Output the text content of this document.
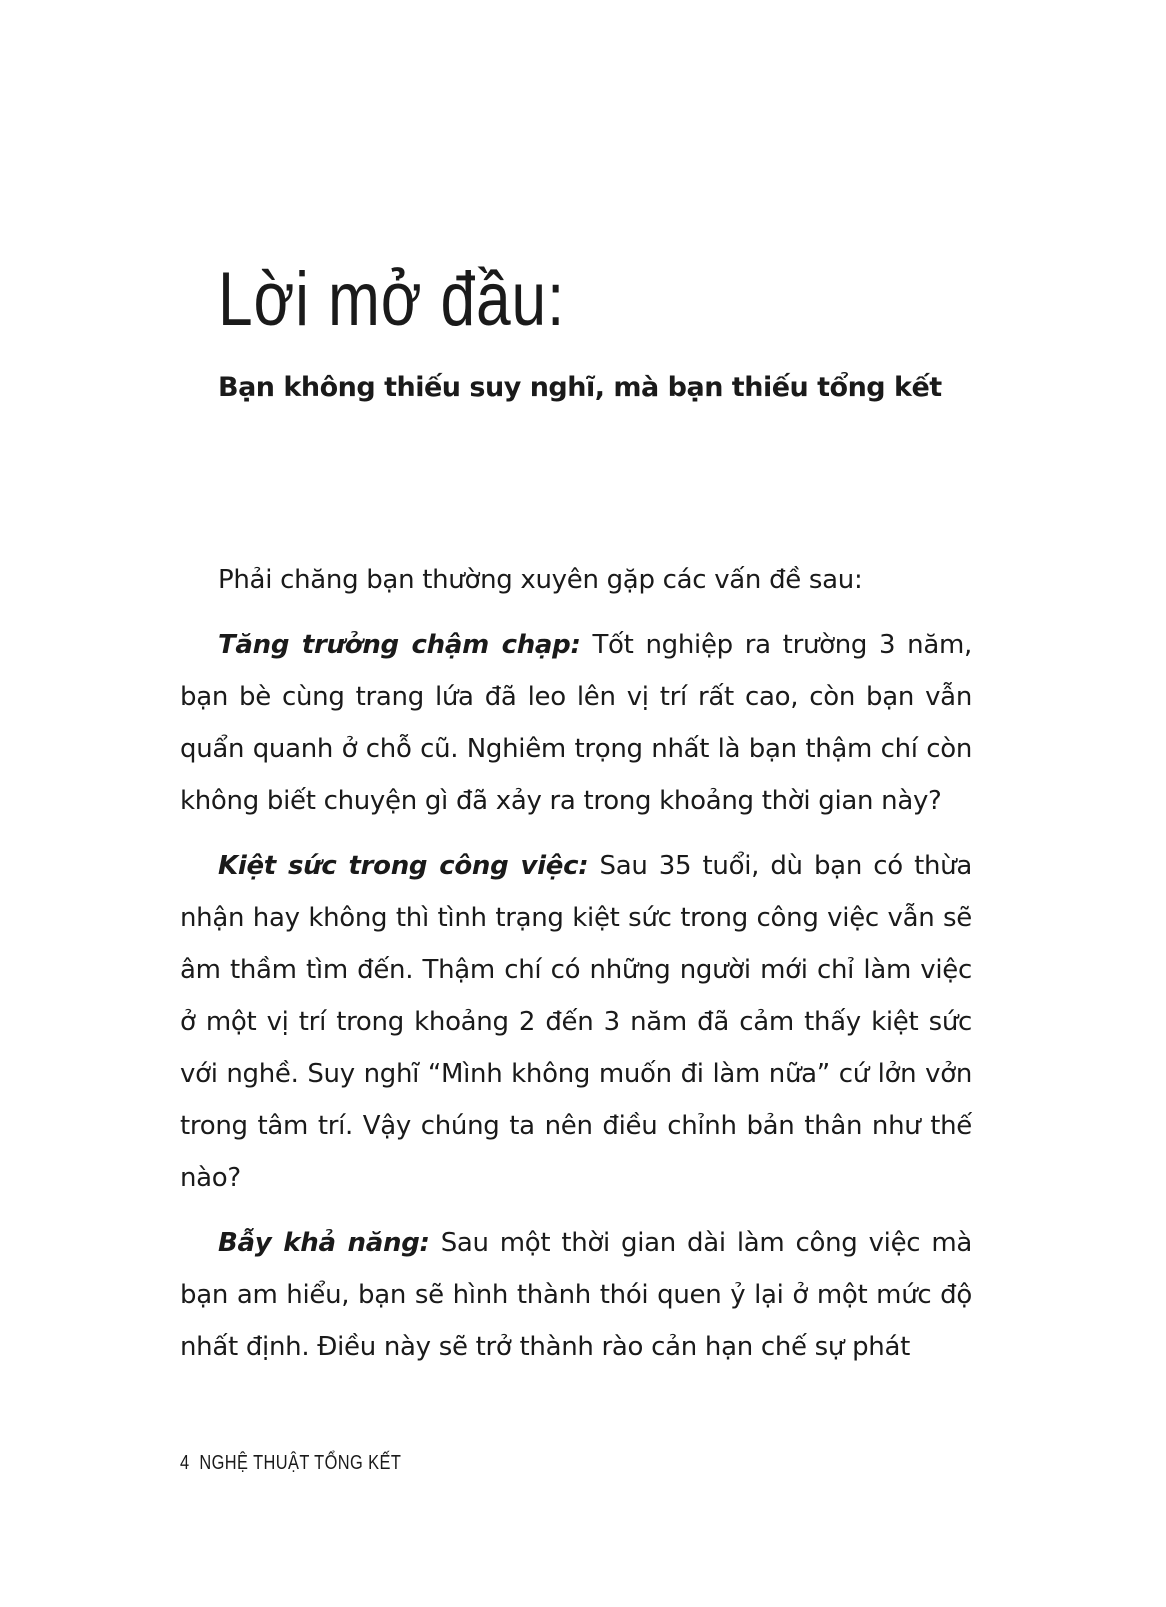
Lời mở đầu:
Bạn không thiếu suy nghĩ, mà bạn thiếu tổng kết

Phải chăng bạn thường xuyên gặp các vấn đề sau:

Tăng trưởng chậm chạp: Tốt nghiệp ra trường 3 năm, bạn bè cùng trang lứa đã leo lên vị trí rất cao, còn bạn vẫn quẩn quanh ở chỗ cũ. Nghiêm trọng nhất là bạn thậm chí còn không biết chuyện gì đã xảy ra trong khoảng thời gian này?

Kiệt sức trong công việc: Sau 35 tuổi, dù bạn có thừa nhận hay không thì tình trạng kiệt sức trong công việc vẫn sẽ âm thầm tìm đến. Thậm chí có những người mới chỉ làm việc ở một vị trí trong khoảng 2 đến 3 năm đã cảm thấy kiệt sức với nghề. Suy nghĩ “Mình không muốn đi làm nữa” cứ lởn vởn trong tâm trí. Vậy chúng ta nên điều chỉnh bản thân như thế nào?

Bẫy khả năng: Sau một thời gian dài làm công việc mà bạn am hiểu, bạn sẽ hình thành thói quen ỷ lại ở một mức độ nhất định. Điều này sẽ trở thành rào cản hạn chế sự phát

4 NGHỆ THUẬT TỔNG KẾT
